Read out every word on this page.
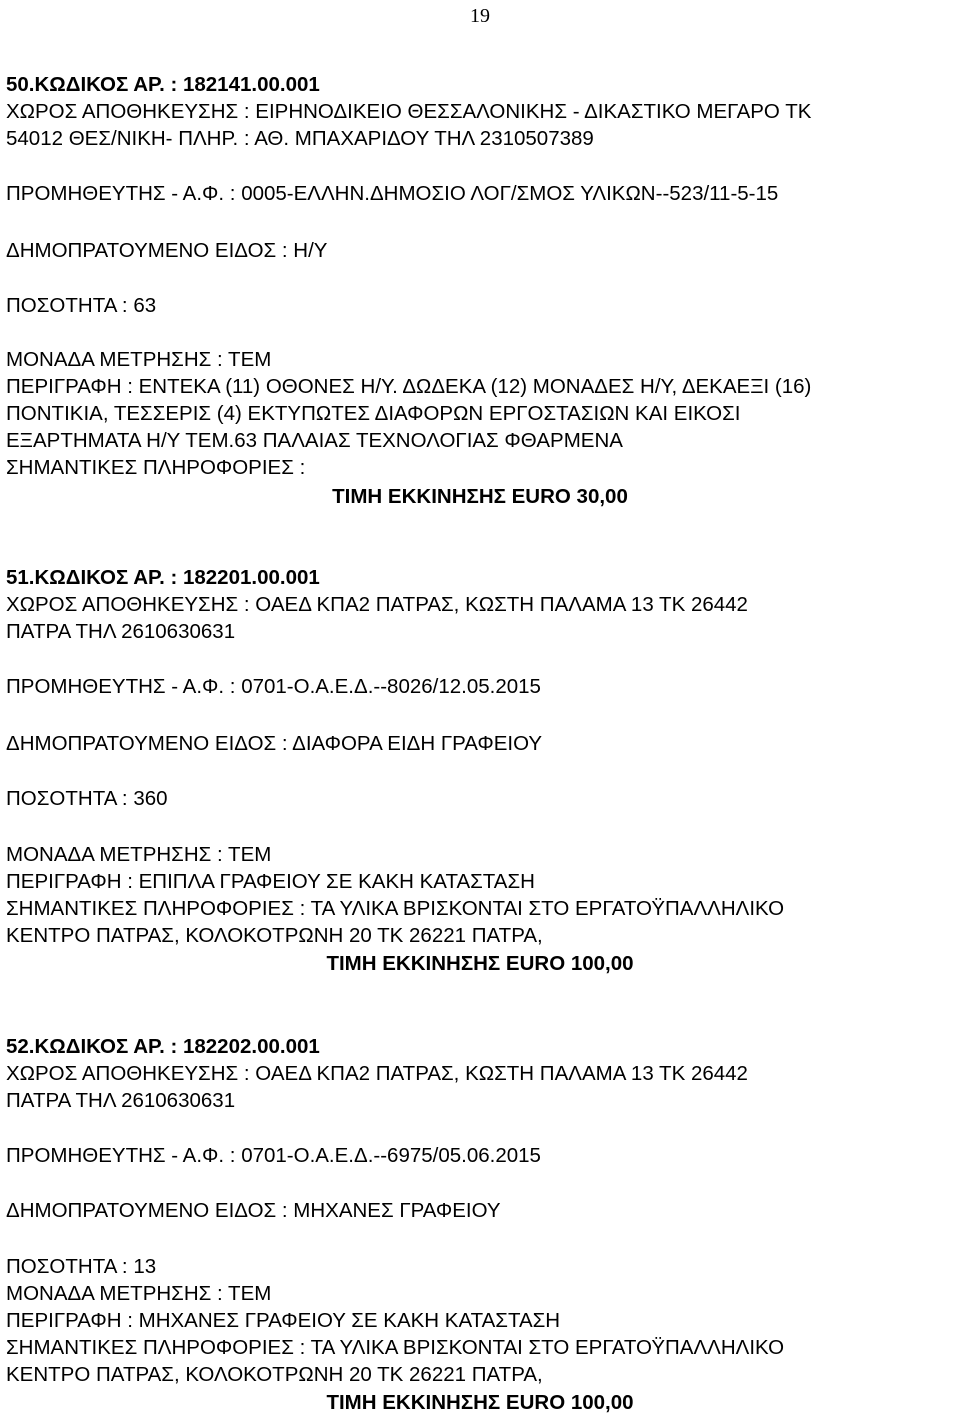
19
50.ΚΩΔΙΚΟΣ ΑΡ. : 182141.00.001
ΧΩΡΟΣ ΑΠΟΘΗΚΕΥΣΗΣ : ΕΙΡΗΝΟΔΙΚΕΙΟ ΘΕΣΣΑΛΟΝΙΚΗΣ - ΔΙΚΑΣΤΙΚΟ ΜΕΓΑΡΟ ΤΚ
54012 ΘΕΣ/ΝΙΚΗ- ΠΛΗΡ. : ΑΘ. ΜΠΑΧΑΡΙΔΟΥ ΤΗΛ 2310507389
ΠΡΟΜΗΘΕΥΤΗΣ - Α.Φ. : 0005-ΕΛΛΗΝ.ΔΗΜΟΣΙΟ ΛΟΓ/ΣΜΟΣ ΥΛΙΚΩΝ--523/11-5-15
ΔΗΜΟΠΡΑΤΟΥΜΕΝΟ ΕΙΔΟΣ : Η/Υ
ΠΟΣΟΤΗΤΑ : 63
ΜΟΝΑΔΑ ΜΕΤΡΗΣΗΣ : ΤΕΜ
ΠΕΡΙΓΡΑΦΗ : ΕΝΤΕΚΑ (11) ΟΘΟΝΕΣ Η/Υ. ΔΩΔΕΚΑ (12) ΜΟΝΑΔΕΣ Η/Υ, ΔΕΚΑΕΞΙ (16)
ΠΟΝΤΙΚΙΑ, ΤΕΣΣΕΡΙΣ (4) ΕΚΤΥΠΩΤΕΣ ΔΙΑΦΟΡΩΝ ΕΡΓΟΣΤΑΣΙΩΝ ΚΑΙ ΕΙΚΟΣΙ
ΕΞΑΡΤΗΜΑΤΑ Η/Υ ΤΕΜ.63 ΠΑΛΑΙΑΣ ΤΕΧΝΟΛΟΓΙΑΣ ΦΘΑΡΜΕΝΑ
ΣΗΜΑΝΤΙΚΕΣ ΠΛΗΡΟΦΟΡΙΕΣ :
ΤΙΜΗ ΕΚΚΙΝΗΣΗΣ EURO 30,00
51.ΚΩΔΙΚΟΣ ΑΡ. : 182201.00.001
ΧΩΡΟΣ ΑΠΟΘΗΚΕΥΣΗΣ : ΟΑΕΔ ΚΠΑ2 ΠΑΤΡΑΣ, ΚΩΣΤΗ ΠΑΛΑΜΑ 13 ΤΚ 26442
ΠΑΤΡΑ ΤΗΛ 2610630631
ΠΡΟΜΗΘΕΥΤΗΣ - Α.Φ. : 0701-Ο.Α.Ε.Δ.--8026/12.05.2015
ΔΗΜΟΠΡΑΤΟΥΜΕΝΟ ΕΙΔΟΣ : ΔΙΑΦΟΡΑ ΕΙΔΗ ΓΡΑΦΕΙΟΥ
ΠΟΣΟΤΗΤΑ : 360
ΜΟΝΑΔΑ ΜΕΤΡΗΣΗΣ : ΤΕΜ
ΠΕΡΙΓΡΑΦΗ : ΕΠΙΠΛΑ ΓΡΑΦΕΙΟΥ ΣΕ ΚΑΚΗ ΚΑΤΑΣΤΑΣΗ
ΣΗΜΑΝΤΙΚΕΣ ΠΛΗΡΟΦΟΡΙΕΣ : ΤΑ ΥΛΙΚΑ ΒΡΙΣΚΟΝΤΑΙ ΣΤΟ ΕΡΓΑΤΟΫΠΑΛΛΗΛΙΚΟ
ΚΕΝΤΡΟ ΠΑΤΡΑΣ, ΚΟΛΟΚΟΤΡΩΝΗ 20 ΤΚ 26221 ΠΑΤΡΑ,
ΤΙΜΗ ΕΚΚΙΝΗΣΗΣ EURO 100,00
52.ΚΩΔΙΚΟΣ ΑΡ. : 182202.00.001
ΧΩΡΟΣ ΑΠΟΘΗΚΕΥΣΗΣ : ΟΑΕΔ ΚΠΑ2 ΠΑΤΡΑΣ, ΚΩΣΤΗ ΠΑΛΑΜΑ 13 ΤΚ 26442
ΠΑΤΡΑ ΤΗΛ 2610630631
ΠΡΟΜΗΘΕΥΤΗΣ - Α.Φ. : 0701-Ο.Α.Ε.Δ.--6975/05.06.2015
ΔΗΜΟΠΡΑΤΟΥΜΕΝΟ ΕΙΔΟΣ : ΜΗΧΑΝΕΣ ΓΡΑΦΕΙΟΥ
ΠΟΣΟΤΗΤΑ : 13
ΜΟΝΑΔΑ ΜΕΤΡΗΣΗΣ : ΤΕΜ
ΠΕΡΙΓΡΑΦΗ : ΜΗΧΑΝΕΣ ΓΡΑΦΕΙΟΥ ΣΕ ΚΑΚΗ ΚΑΤΑΣΤΑΣΗ
ΣΗΜΑΝΤΙΚΕΣ ΠΛΗΡΟΦΟΡΙΕΣ : ΤΑ ΥΛΙΚΑ ΒΡΙΣΚΟΝΤΑΙ ΣΤΟ ΕΡΓΑΤΟΫΠΑΛΛΗΛΙΚΟ
ΚΕΝΤΡΟ ΠΑΤΡΑΣ, ΚΟΛΟΚΟΤΡΩΝΗ 20 ΤΚ 26221 ΠΑΤΡΑ,
ΤΙΜΗ ΕΚΚΙΝΗΣΗΣ EURO 100,00
